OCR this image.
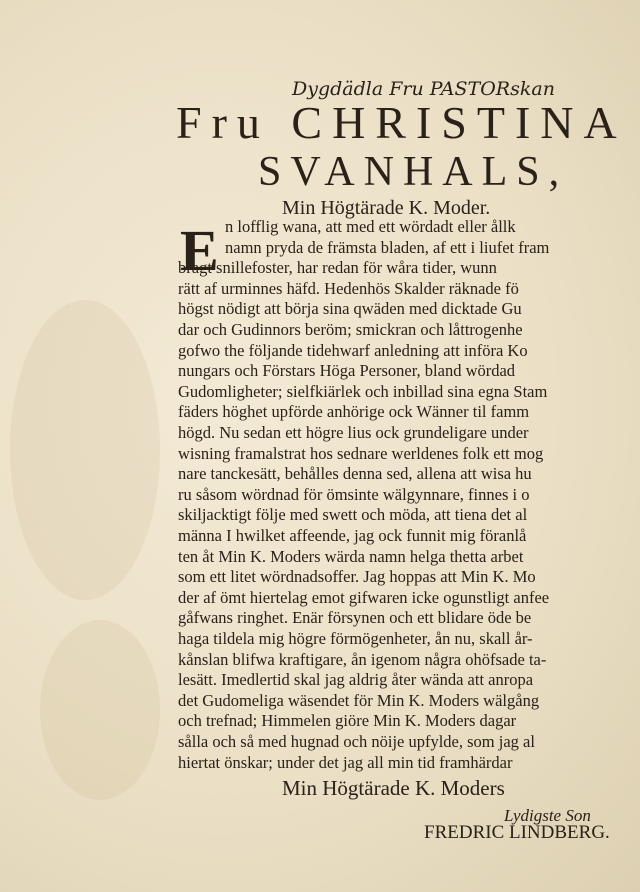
Dygdädla Fru PASTORskan
Fru CHRISTINA
SVANHALS,
Min Högtärade K. Moder.
E n lofflig wana, att med ett wördadt eller ållk
namn pryda de främsta bladen, af ett i liufet fram
bragt snillefoster, har redan för wåra tider, wunn
rätt af urminnes häfd. Hedenhös Skalder räknade fö
högst nödigt att börja sina qwäden med dicktade Gu
dar och Gudinnors beröm; smickran och låttrogenhe
gofwo the följande tidehwarf anledning att införa Ko
nungars och Förstars Höga Personer, bland wördad
Gudomligheter; sielfkiärlek och inbillad sina egna Stam
fäders höghet upförde anhörige ock Wänner til famm
högd. Nu sedan ett högre lius ock grundeligare under
wisning framalstrat hos sednare werldenes folk ett mog
nare tanckesätt, behålles denna sed, allena att wisa hu
ru såsom wördnad för ömsinte wälgynnare, finnes i o
skiljacktigt följe med swett och möda, att tiena det al
männa I hwilket affeende, jag ock funnit mig föranlå
ten åt Min K. Moders wärda namn helga thetta arbet
som ett litet wördnadsoffer. Jag hoppas att Min K. Mo
der af ömt hiertelag emot gifwaren icke ogunstligt anfee
gåfwans ringhet. Enär försynen och ett blidare öde be
haga tildela mig högre förmögenheter, ån nu, skall år-
kånslan blifwa kraftigare, ån igenom några ohöfsade ta-
lesätt. Imedlertid skal jag aldrig åter wända att anropa
det Gudomeliga wäsendet för Min K. Moders wälgång
och trefnad; Himmelen giöre Min K. Moders dagar
sålla och så med hugnad och nöije upfylde, som jag al
hiertat önskar; under det jag all min tid framhärdar
Min Högtärade K. Moders
Lydigste Son
FREDRIC LINDBERG.
